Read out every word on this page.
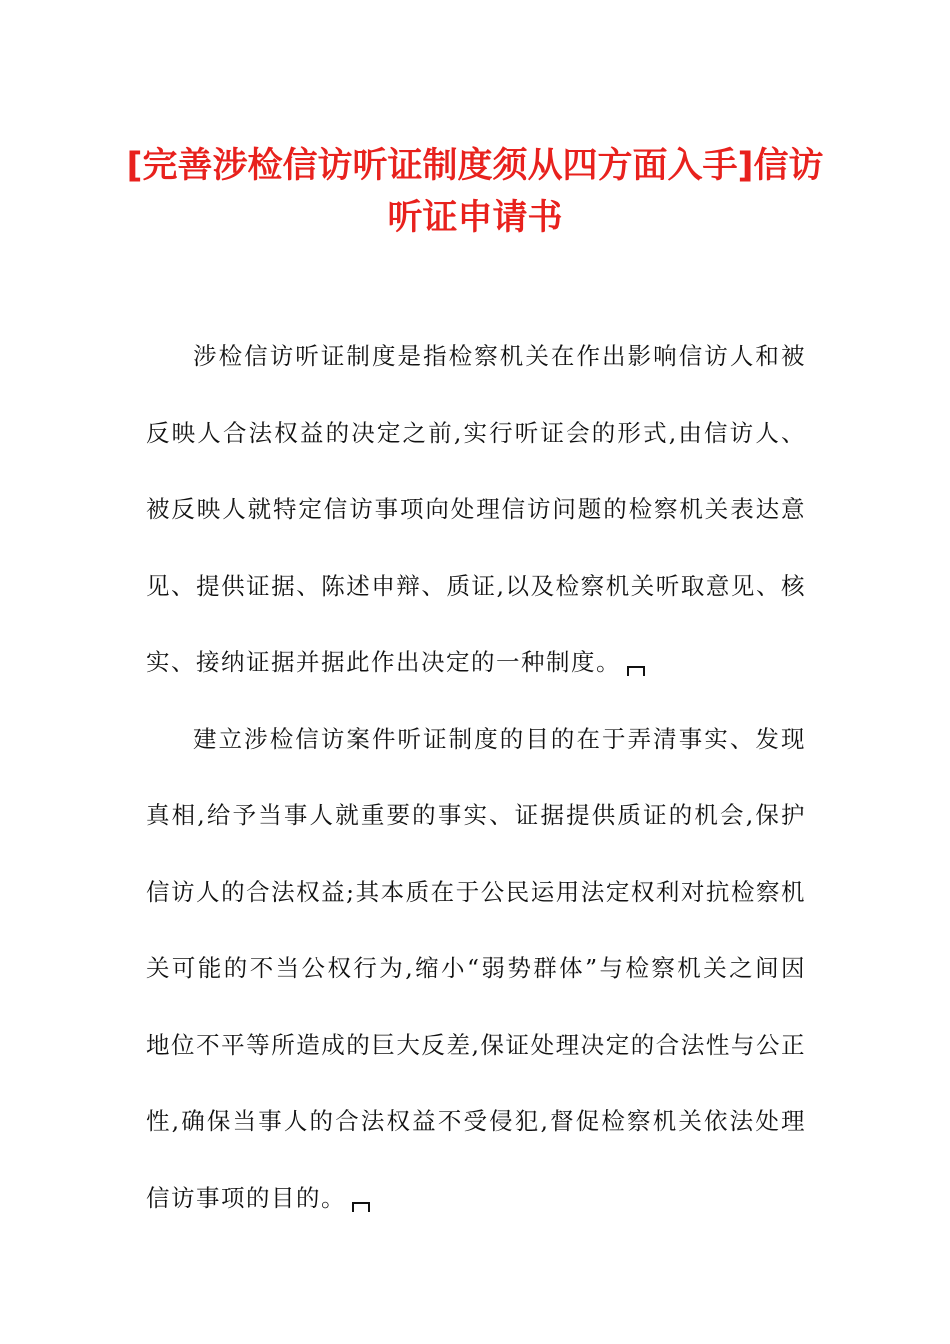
[完善涉检信访听证制度须从四方面入手]信访听证申请书

涉检信访听证制度是指检察机关在作出影响信访人和被反映人合法权益的决定之前,实行听证会的形式,由信访人、被反映人就特定信访事项向处理信访问题的检察机关表达意见、提供证据、陈述申辩、质证,以及检察机关听取意见、核实、接纳证据并据此作出决定的一种制度。

建立涉检信访案件听证制度的目的在于弄清事实、发现真相,给予当事人就重要的事实、证据提供质证的机会,保护信访人的合法权益;其本质在于公民运用法定权利对抗检察机关可能的不当公权行为,缩小“弱势群体”与检察机关之间因地位不平等所造成的巨大反差,保证处理决定的合法性与公正性,确保当事人的合法权益不受侵犯,督促检察机关依法处理信访事项的目的。
